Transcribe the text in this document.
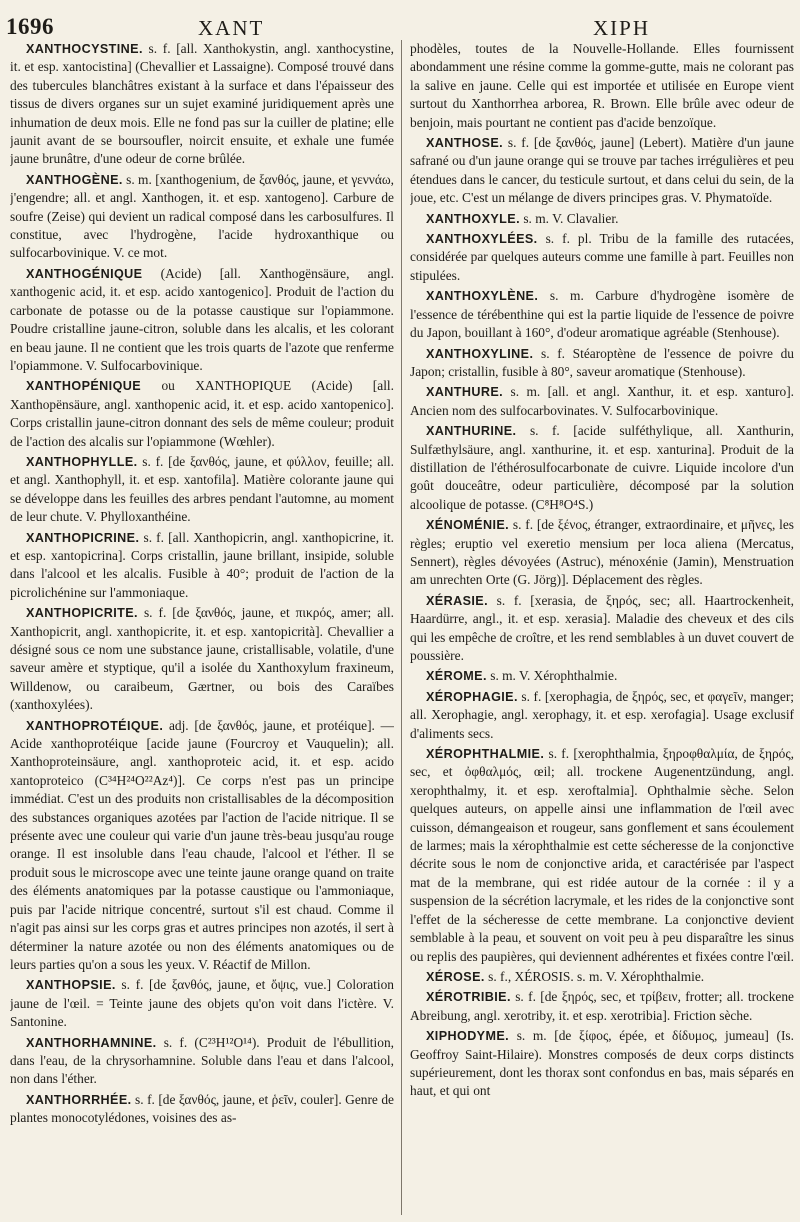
1696	XANT	XIPH

XANTHOCYSTINE. s. f. [all. Xanthokystin, angl. xanthocystine, it. et esp. xantocistina] (Chevallier et Lassaigne). Composé trouvé dans des tubercules blanchâtres existant à la surface et dans l'épaisseur des tissus de divers organes sur un sujet examiné juridiquement après une inhumation de deux mois. Elle ne fond pas sur la cuiller de platine; elle jaunit avant de se boursoufler, noircit ensuite, et exhale une fumée jaune brunâtre, d'une odeur de corne brûlée.

XANTHOGÈNE. s. m. [xanthogenium, de ξανθός, jaune, et γεννάω, j'engendre; all. et angl. Xanthogen, it. et esp. xantogeno]. Carbure de soufre (Zeise) qui devient un radical composé dans les carbosulfures. Il constitue, avec l'hydrogène, l'acide hydroxanthique ou sulfocarbovinique. V. ce mot.

XANTHOGÉNIQUE (Acide) [all. Xanthogënsäure, angl. xanthogenic acid, it. et esp. acido xantogenico]. Produit de l'action du carbonate de potasse ou de la potasse caustique sur l'opiammone. Poudre cristalline jaune-citron, soluble dans les alcalis, et les colorant en beau jaune. Il ne contient que les trois quarts de l'azote que renferme l'opiammone. V. Sulfocarbovinique.

XANTHOPÉNIQUE ou XANTHOPIQUE (Acide) [all. Xanthopënsäure, angl. xanthopenic acid, it. et esp. acido xantopenico]. Corps cristallin jaune-citron donnant des sels de même couleur; produit de l'action des alcalis sur l'opiammone (Wœhler).

XANTHOPHYLLE. s. f. [de ξανθός, jaune, et φύλλον, feuille; all. et angl. Xanthophyll, it. et esp. xantofila]. Matière colorante jaune qui se développe dans les feuilles des arbres pendant l'automne, au moment de leur chute. V. Phylloxanthéine.

XANTHOPICRINE. s. f. [all. Xanthopicrin, angl. xanthopicrine, it. et esp. xantopicrina]. Corps cristallin, jaune brillant, insipide, soluble dans l'alcool et les alcalis. Fusible à 40°; produit de l'action de la picrolichénine sur l'ammoniaque.

XANTHOPICRITE. s. f. [de ξανθός, jaune, et πικρός, amer; all. Xanthopicrit, angl. xanthopicrite, it. et esp. xantopicrità]. Chevallier a désigné sous ce nom une substance jaune, cristallisable, volatile, d'une saveur amère et styptique, qu'il a isolée du Xanthoxylum fraxineum, Willdenow, ou caraibeum, Gærtner, ou bois des Caraïbes (xanthoxylées).

XANTHOPROTÉIQUE. adj. [de ξανθός, jaune, et protéique]. — Acide xanthoprotéique [acide jaune (Fourcroy et Vauquelin); all. Xanthoproteinsäure, angl. xanthoproteic acid, it. et esp. acido xantoproteico (C³⁴H²⁴O²²Az⁴)]. Ce corps n'est pas un principe immédiat. C'est un des produits non cristallisables de la décomposition des substances organiques azotées par l'action de l'acide nitrique. Il se présente avec une couleur qui varie d'un jaune très-beau jusqu'au rouge orange. Il est insoluble dans l'eau chaude, l'alcool et l'éther. Il se produit sous le microscope avec une teinte jaune orange quand on traite des éléments anatomiques par la potasse caustique ou l'ammoniaque, puis par l'acide nitrique concentré, surtout s'il est chaud. Comme il n'agit pas ainsi sur les corps gras et autres principes non azotés, il sert à déterminer la nature azotée ou non des éléments anatomiques ou de leurs parties qu'on a sous les yeux. V. Réactif de Millon.

XANTHOPSIE. s. f. [de ξανθός, jaune, et ὄψις, vue.] Coloration jaune de l'œil. = Teinte jaune des objets qu'on voit dans l'ictère. V. Santonine.

XANTHORHAMNINE. s. f. (C²³H¹²O¹⁴). Produit de l'ébullition, dans l'eau, de la chrysorhamnine. Soluble dans l'eau et dans l'alcool, non dans l'éther.

XANTHORRHÉE. s. f. [de ξανθός, jaune, et ῥεῖν, couler]. Genre de plantes monocotylédones, voisines des as-

phodèles, toutes de la Nouvelle-Hollande. Elles fournissent abondamment une résine comme la gomme-gutte, mais ne colorant pas la salive en jaune. Celle qui est importée et utilisée en Europe vient surtout du Xanthorrhea arborea, R. Brown. Elle brûle avec odeur de benjoin, mais pourtant ne contient pas d'acide benzoïque.

XANTHOSE. s. f. [de ξανθός, jaune] (Lebert). Matière d'un jaune safrané ou d'un jaune orange qui se trouve par taches irrégulières et peu étendues dans le cancer, du testicule surtout, et dans celui du sein, de la joue, etc. C'est un mélange de divers principes gras. V. Phymatoïde.

XANTHOXYLE. s. m. V. Clavalier.

XANTHOXYLÉES. s. f. pl. Tribu de la famille des rutacées, considérée par quelques auteurs comme une famille à part. Feuilles non stipulées.

XANTHOXYLÈNE. s. m. Carbure d'hydrogène isomère de l'essence de térébenthine qui est la partie liquide de l'essence de poivre du Japon, bouillant à 160°, d'odeur aromatique agréable (Stenhouse).

XANTHOXYLINE. s. f. Stéaroptène de l'essence de poivre du Japon; cristallin, fusible à 80°, saveur aromatique (Stenhouse).

XANTHURE. s. m. [all. et angl. Xanthur, it. et esp. xanturo]. Ancien nom des sulfocarbovinates. V. Sulfocarbovinique.

XANTHURINE. s. f. [acide sulféthylique, all. Xanthurin, Sulfæthylsäure, angl. xanthurine, it. et esp. xanturina]. Produit de la distillation de l'éthérosulfocarbonate de cuivre. Liquide incolore d'un goût douceâtre, odeur particulière, décomposé par la solution alcoolique de potasse. (C⁸H⁸O⁴S.)

XÉNOMÉNIE. s. f. [de ξένος, étranger, extraordinaire, et μῆνες, les règles; eruptio vel exeretio mensium per loca aliena (Mercatus, Sennert), règles dévoyées (Astruc), ménoxénie (Jamin), Menstruation am unrechten Orte (G. Jörg)]. Déplacement des règles.

XÉRASIE. s. f. [xerasia, de ξηρός, sec; all. Haartrockenheit, Haardürre, angl., it. et esp. xerasia]. Maladie des cheveux et des cils qui les empêche de croître, et les rend semblables à un duvet couvert de poussière.

XÉROME. s. m. V. Xérophthalmie.

XÉROPHAGIE. s. f. [xerophagia, de ξηρός, sec, et φαγεῖν, manger; all. Xerophagie, angl. xerophagy, it. et esp. xerofagia]. Usage exclusif d'aliments secs.

XÉROPHTHALMIE. s. f. [xerophthalmia, ξηροφθαλμία, de ξηρός, sec, et ὀφθαλμός, œil; all. trockene Augenentzündung, angl. xerophthalmy, it. et esp. xeroftalmia]. Ophthalmie sèche. Selon quelques auteurs, on appelle ainsi une inflammation de l'œil avec cuisson, démangeaison et rougeur, sans gonflement et sans écoulement de larmes; mais la xérophthalmie est cette sécheresse de la conjonctive décrite sous le nom de conjonctive arida, et caractérisée par l'aspect mat de la membrane, qui est ridée autour de la cornée : il y a suspension de la sécrétion lacrymale, et les rides de la conjonctive sont l'effet de la sécheresse de cette membrane. La conjonctive devient semblable à la peau, et souvent on voit peu à peu disparaître les sinus ou replis des paupières, qui deviennent adhérentes et fixées contre l'œil.

XÉROSE. s. f., XÉROSIS. s. m. V. Xérophthalmie.

XÉROTRIBIE. s. f. [de ξηρός, sec, et τρίβειν, frotter; all. trockene Abreibung, angl. xerotriby, it. et esp. xerotribia]. Friction sèche.

XIPHODYME. s. m. [de ξίφος, épée, et δίδυμος, jumeau] (Is. Geoffroy Saint-Hilaire). Monstres composés de deux corps distincts supérieurement, dont les thorax sont confondus en bas, mais séparés en haut, et qui ont
